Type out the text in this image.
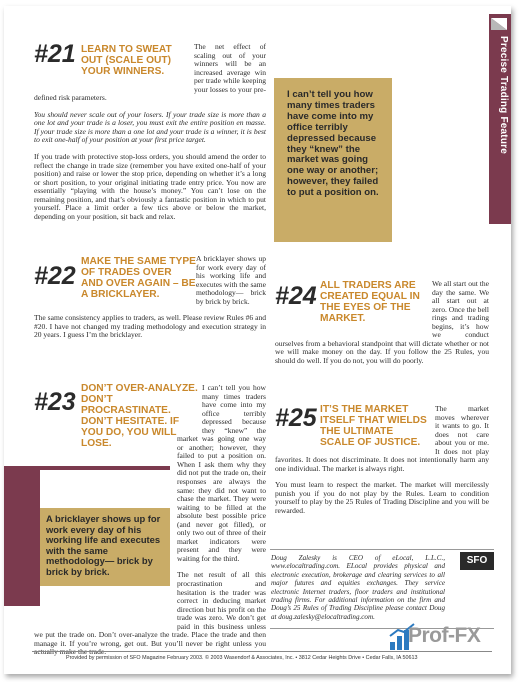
Precise Trading Feature
#21 LEARN TO SWEAT OUT (SCALE OUT) YOUR WINNERS.

The net effect of scaling out of your winners will be an increased average win per trade while keeping your losses to your pre-defined risk parameters.

You should never scale out of your losers. If your trade size is more than a one lot and your trade is a loser, you must exit the entire position en masse. If your trade size is more than a one lot and your trade is a winner, it is best to exit one-half of your position at your first price target.

If you trade with protective stop-loss orders, you should amend the order to reflect the change in trade size (remember you have exited one-half of your position) and raise or lower the stop price, depending on whether it’s a long or short position, to your original initiating trade entry price. You now are essentially “playing with the house’s money.” You can’t lose on the remaining position, and that’s obviously a fantastic position in which to put yourself. Place a limit order a few tics above or below the market, depending on your position, sit back and relax.

I can’t tell you how many times traders have come into my office terribly depressed because they “knew” the market was going one way or another; however, they failed to put a position on.
#22
MAKE THE SAME TYPE OF TRADES OVER AND OVER AGAIN – BE A BRICKLAYER.

A bricklayer shows up for work every day of his working life and executes with the same methodology— brick by brick by brick.

The same consistency applies to traders, as well. Please review Rules #6 and #20. I have not changed my trading methodology and execution strategy in 20 years. I guess I’m the bricklayer.

#24 ALL TRADERS ARE CREATED EQUAL IN THE EYES OF THE MARKET.

We all start out the day the same. We all start out at zero. Once the bell rings and trading begins, it’s how we conduct ourselves from a behavioral standpoint that will dictate whether or not we will make money on the day. If you follow the 25 Rules, you should do well. If you do not, you will do poorly.

#23 DON’T OVER-ANALYZE. DON’T PROCRASTINATE. DON’T HESITATE. IF YOU DO, YOU WILL LOSE.

I can’t tell you how many times traders have come into my office terribly depressed because they “knew” the market was going one way or another; however, they failed to put a position on. When I ask them why they did not put the trade on, their responses are always the same: they did not want to chase the market. They were waiting to be filled at the absolute best possible price (and never got filled), or only two out of three of their market indicators were present and they were waiting for the third.

The net result of all this procrastination and hesitation is the trader was correct in deducing market direction but his profit on the trade was zero. We don’t get paid in this business unless we put the trade on. Don’t over-analyze the trade. Place the trade and then manage it. If you’re wrong, get out. But you’ll never be right unless you

A bricklayer shows up for work every day of his working life and executes with the same methodology— brick by brick by brick.
#25 IT’S THE MARKET ITSELF THAT WIELDS THE ULTIMATE SCALE OF JUSTICE.

The market moves wherever it wants to go. It does not care about you or me. It does not play favorites. It does not discriminate. It does not intentionally harm any one individual. The market is always right.

You must learn to respect the market. The market will mercilessly punish you if you do not play by the Rules. Learn to condition yourself to play by the 25 Rules of Trading Discipline and you will be rewarded.

Doug Zalesky is CEO of eLocal, L.L.C., www.elocaltrading.com. ELocal provides physical and electronic execution, brokerage and clearing services to all major futures and equities exchanges. They service electronic Internet traders, floor traders and institutional trading firms. For additional information on the firm and Doug’s 25 Rules of Trading Discipline please contact Doug at doug.zalesky@elocaltrading.com.
SFO
Prof-FX
Provided by permission of SFO Magazine February 2003. © 2003 Wasendorf & Associates, Inc. • 3812 Cedar Heights Drive • Cedar Falls, IA 50613
